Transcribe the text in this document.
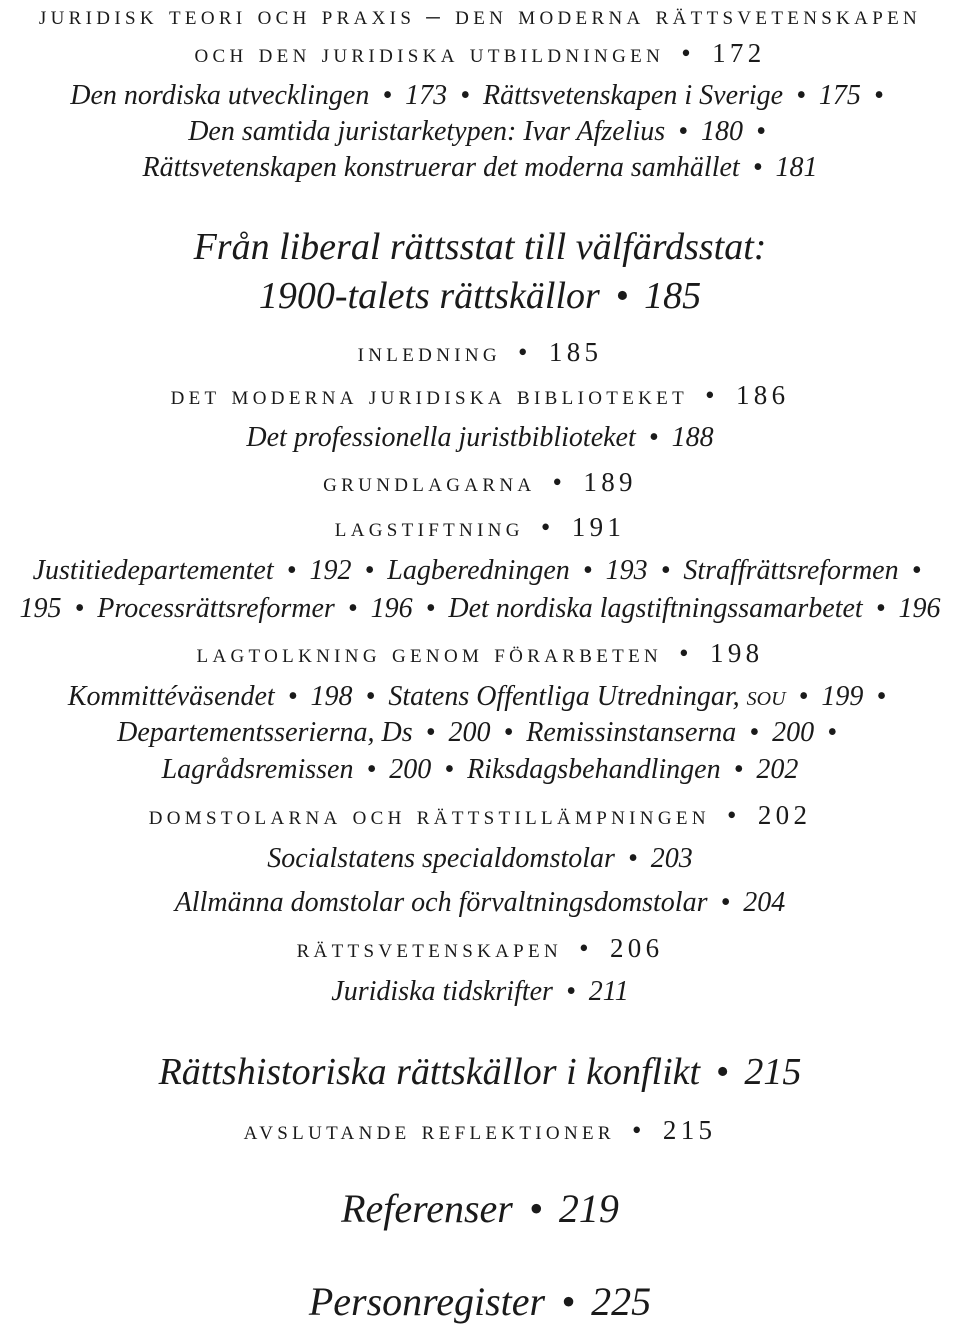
juridisk teori och praxis – den moderna rättsvetenskapen
och den juridiska utbildningen • 172
Den nordiska utvecklingen • 173 • Rättsvetenskapen i Sverige • 175 •
Den samtida juristarketypen: Ivar Afzelius • 180 •
Rättsvetenskapen konstruerar det moderna samhället • 181
Från liberal rättsstat till välfärdsstat:
1900-talets rättskällor • 185
inledning • 185
det moderna juridiska biblioteket • 186
Det professionella juristbiblioteket • 188
grundlagarna • 189
lagstiftning • 191
Justitiedepartementet • 192 • Lagberedningen • 193 • Straffrättsreformen •
195 • Processrättsreformer • 196 • Det nordiska lagstiftningssamarbetet • 196
lagtolkning genom förarbeten • 198
Kommittéväsendet • 198 • Statens Offentliga Utredningar, sou • 199 •
Departementsserierna, Ds • 200 • Remissinstanserna • 200 •
Lagrådsremissen • 200 • Riksdagsbehandlingen • 202
domstolarna och rättstillämpningen • 202
Socialstatens specialdomstolar • 203
Allmänna domstolar och förvaltningsdomstolar • 204
rättsvetenskapen • 206
Juridiska tidskrifter • 211
Rättshistoriska rättskällor i konflikt • 215
avslutande reflektioner • 215
Referenser • 219
Personregister • 225
